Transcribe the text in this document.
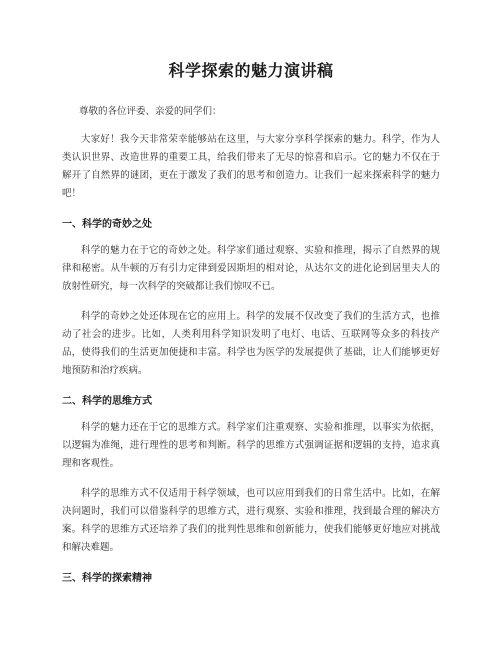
科学探索的魅力演讲稿

尊敬的各位评委、亲爱的同学们：

大家好！我今天非常荣幸能够站在这里，与大家分享科学探索的魅力。科学，作为人类认识世界、改造世界的重要工具，给我们带来了无尽的惊喜和启示。它的魅力不仅在于解开了自然界的谜团，更在于激发了我们的思考和创造力。让我们一起来探索科学的魅力吧！

一、科学的奇妙之处

科学的魅力在于它的奇妙之处。科学家们通过观察、实验和推理，揭示了自然界的规律和秘密。从牛顿的万有引力定律到爱因斯坦的相对论，从达尔文的进化论到居里夫人的放射性研究，每一次科学的突破都让我们惊叹不已。

科学的奇妙之处还体现在它的应用上。科学的发展不仅改变了我们的生活方式，也推动了社会的进步。比如，人类利用科学知识发明了电灯、电话、互联网等众多的科技产品，使得我们的生活更加便捷和丰富。科学也为医学的发展提供了基础，让人们能够更好地预防和治疗疾病。

二、科学的思维方式

科学的魅力还在于它的思维方式。科学家们注重观察、实验和推理，以事实为依据，以逻辑为准绳，进行理性的思考和判断。科学的思维方式强调证据和逻辑的支持，追求真理和客观性。

科学的思维方式不仅适用于科学领域，也可以应用到我们的日常生活中。比如，在解决问题时，我们可以借鉴科学的思维方式，进行观察、实验和推理，找到最合理的解决方案。科学的思维方式还培养了我们的批判性思维和创新能力，使我们能够更好地应对挑战和解决难题。

三、科学的探索精神
